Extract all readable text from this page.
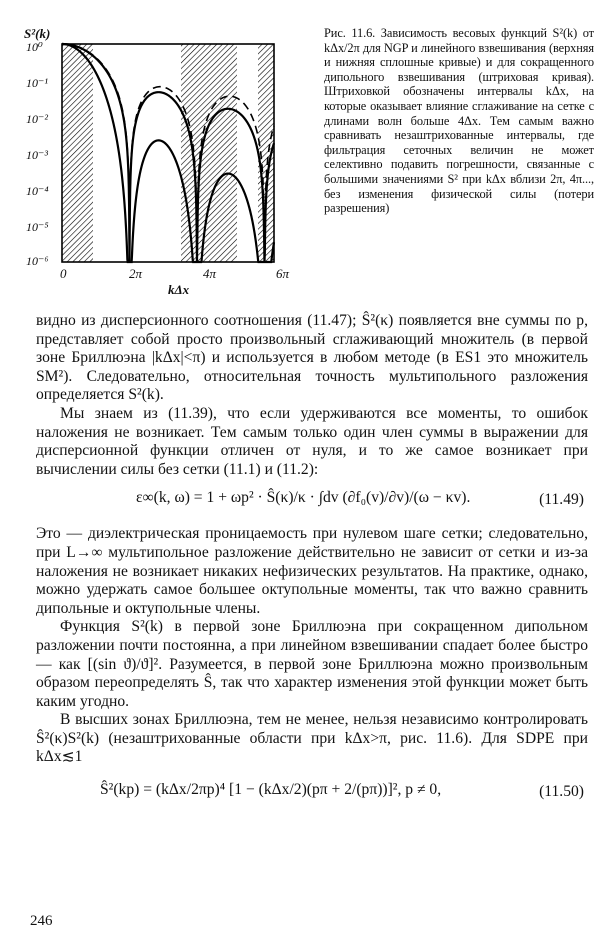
S²(k)
10⁰
10⁻¹
10⁻²
10⁻³
10⁻⁴
10⁻⁵
10⁻⁶
0	2π	4π	6π
kΔx
Рис. 11.6. Зависимость весовых функций S²(k) от kΔx/2π для NGP и линейного взвешивания (верхняя и нижняя сплошные кривые) и для сокращенного дипольного взвешивания (штриховая кривая). Штриховкой обозначены интервалы kΔx, на которые оказывает влияние сглаживание на сетке с длинами волн больше 4Δx. Тем самым важно сравнивать незаштрихованные интервалы, где фильтрация сеточных величин не может селективно подавить погрешности, связанные с большими значениями S² при kΔx вблизи 2π, 4π..., без изменения физической силы (потери разрешения)

видно из дисперсионного соотношения (11.47); Ŝ²(κ) появляется вне суммы по p, представляет собой просто произвольный сглаживающий множитель (в первой зоне Бриллюэна |kΔx|<π) и используется в любом методе (в ES1 это множитель SM²). Следовательно, относительная точность мультипольного разложения определяется S²(k).

Мы знаем из (11.39), что если удерживаются все моменты, то ошибок наложения не возникает. Тем самым только один член суммы в выражении для дисперсионной функции отличен от нуля, и то же самое возникает при вычислении силы без сетки (11.1) и (11.2):

ε∞(k, ω) = 1 + ωp² · Ŝ(κ)/κ · ∫dv (∂f₀(v)/∂v)/(ω − κv).	(11.49)

Это — диэлектрическая проницаемость при нулевом шаге сетки; следовательно, при L→∞ мультипольное разложение действительно не зависит от сетки и из-за наложения не возникает никаких нефизических результатов. На практике, однако, можно удержать самое большее октупольные моменты, так что важно сравнить дипольные и октупольные члены.

Функция S²(k) в первой зоне Бриллюэна при сокращенном дипольном разложении почти постоянна, а при линейном взвешивании спадает более быстро — как [(sin ϑ)/ϑ]². Разумеется, в первой зоне Бриллюэна можно произвольным образом переопределять Ŝ, так что характер изменения этой функции может быть каким угодно.

В высших зонах Бриллюэна, тем не менее, нельзя независимо контролировать Ŝ²(κ)S²(k) (незаштрихованные области при kΔx>π, рис. 11.6). Для SDPE при kΔx≲1

Ŝ²(kp) = (kΔx/2πp)⁴ [1 − (kΔx/2)(pπ + 2/(pπ))]², p ≠ 0,	(11.50)
246
